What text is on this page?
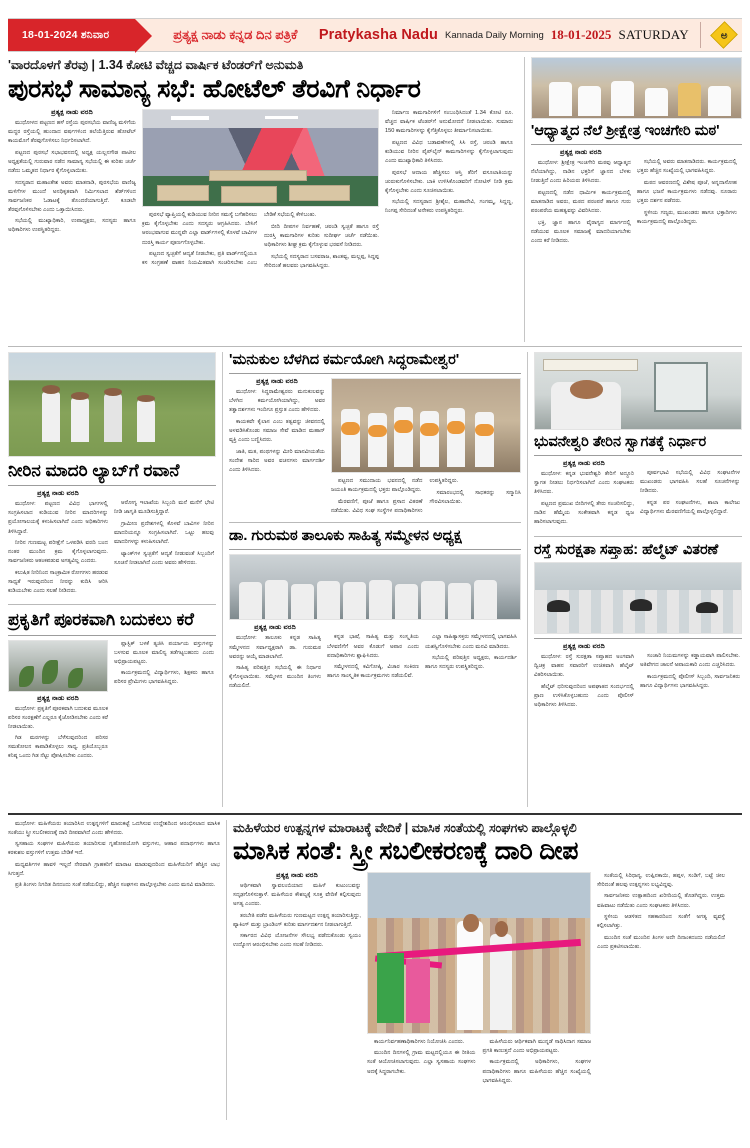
18-01-2024 ಶನಿವಾರ	ಪ್ರತ್ಯಕ್ಷ ನಾಡು ಕನ್ನಡ ದಿನ ಪತ್ರಿಕೆ Pratykasha Nadu Kannada Daily Morning 18-01-2025 SATURDAY ಅ
'ವಾರದೊಳಗೆ ತೆರವು | 1.34 ಕೋಟಿ ವೆಚ್ಚದ ವಾರ್ಷಿಕ ಟೆಂಡರ್‌ಗೆ ಅನುಮತಿ
ಪುರಸಭೆ ಸಾಮಾನ್ಯ ಸಭೆ: ಹೋಟೆಲ್ ತೆರವಿಗೆ ನಿರ್ಧಾರ
ಪ್ರತ್ಯಕ್ಷ ನಾಡು ವರದಿ

ಮುಧೋಳದ ಪಟ್ಟಣದ ಹಳೆ ರಸ್ತೆಯ ಪುರಸಭೆಯ ವಾಣಿಜ್ಯ ಮಳಿಗೆಯ ಮದ್ಧರ ರಸ್ತೆಯಲ್ಲಿ ಹುಂದಾದ ವರ್ಷಗಳಿಂದ ತಲೆಯೆತ್ತಿರುವ ಹೋಟೆಲ್ ಕಾಯಮೊಗೆ ತೆರವುಗೊಳಿಸಲು ನಿರ್ಧರಿಸಲಾಗಿದೆ.

ಪಟ್ಟಣದ ಪುರಸಭೆ ಸಭಾಭವನದಲ್ಲಿ ಅಧ್ಯಕ್ಷ ಯಲ್ಲನಗೌಡ ಪಾಟೀಲ ಅಧ್ಯಕ್ಷತೆಯಲ್ಲಿ ಗುರುವಾರ ನಡೆದ ಸಾಮಾನ್ಯ ಸಭೆಯಲ್ಲಿ ಈ ಕುರಿತು ಚರ್ಚೆ ನಡೆದು ಒಮ್ಮತದ ನಿರ್ಧಾರ ಕೈಗೊಳ್ಳಲಾಯಿತು.

ಸದಸ್ಯರಾದ ಮಹಾಂತೇಶ ಅವರು ಮಾತನಾಡಿ, ಪುರಸಭೆಯ ವಾಣಿಜ್ಯ ಮಳಿಗೆಗಳ ಮುಂದೆ ಅನಧಿಕೃತವಾಗಿ ನಿರ್ಮಿಸಲಾದ ಶೆಡ್‌ಗಳಿಂದ ಸಾರ್ವಜನಿಕರ ಓಡಾಟಕ್ಕೆ ತೊಂದರೆಯಾಗುತ್ತಿದೆ. ಕೂಡಲೇ ತೆರವುಗೊಳಿಸಬೇಕು ಎಂದು ಒತ್ತಾಯಿಸಿದರು.

ಸಭೆಯಲ್ಲಿ ಮುಖ್ಯಾಧಿಕಾರಿ, ಉಪಾಧ್ಯಕ್ಷರು, ಸದಸ್ಯರು ಹಾಗೂ ಅಧಿಕಾರಿಗಳು ಉಪಸ್ಥಿತರಿದ್ದರು.

ಪುರಸಭೆ ವ್ಯಾಪ್ತಿಯಲ್ಲಿ ಕುಡಿಯುವ ನೀರಿನ ಸಮಸ್ಯೆ ಬಗೆಹರಿಸಲು ಕ್ರಮ ಕೈಗೊಳ್ಳಬೇಕು ಎಂದು ಸದಸ್ಯರು ಆಗ್ರಹಿಸಿದರು. ಬೇಸಿಗೆ ಆರಂಭವಾಗುವ ಮುನ್ನವೇ ಎಲ್ಲಾ ವಾರ್ಡ್‌ಗಳಲ್ಲಿ ಕೊಳವೆ ಬಾವಿಗಳ ದುರಸ್ತಿ ಕಾರ್ಯ ಪೂರ್ಣಗೊಳ್ಳಬೇಕು.

ಪಟ್ಟಣದ ಸ್ವಚ್ಛತೆಗೆ ಆದ್ಯತೆ ನೀಡಬೇಕು, ಪ್ರತಿ ವಾರ್ಡ್‌ನಲ್ಲಿಯೂ ಕಸ ಸಂಗ್ರಹಣೆ ವಾಹನ ನಿಯಮಿತವಾಗಿ ಸಂಚರಿಸಬೇಕು ಎಂಬ ಬೇಡಿಕೆ ಸಭೆಯಲ್ಲಿ ಕೇಳಿಬಂತು.

ಬೀದಿ ದೀಪಗಳ ನಿರ್ವಹಣೆ, ಚರಂಡಿ ಸ್ವಚ್ಛತೆ ಹಾಗೂ ರಸ್ತೆ ದುರಸ್ತಿ ಕಾಮಗಾರಿಗಳ ಕುರಿತು ಸುದೀರ್ಘ ಚರ್ಚೆ ನಡೆಯಿತು. ಅಧಿಕಾರಿಗಳು ಶೀಘ್ರ ಕ್ರಮ ಕೈಗೊಳ್ಳುವ ಭರವಸೆ ನೀಡಿದರು.

ಸಭೆಯಲ್ಲಿ ಸದಸ್ಯರಾದ ಬಸವರಾಜ, ಶಾಂತವ್ವ, ಮಲ್ಲಪ್ಪ, ಸಿದ್ದಪ್ಪ ಸೇರಿದಂತೆ ಹಲವರು ಭಾಗವಹಿಸಿದ್ದರು.

ನಿರ್ಮಾಣ ಕಾಮಗಾರಿಗಳಿಗೆ ಸಂಬಂಧಿಸಿದಂತೆ 1.34 ಕೋಟಿ ರೂ. ವೆಚ್ಚದ ವಾರ್ಷಿಕ ಟೆಂಡರ್‌ಗೆ ಅನುಮೋದನೆ ನೀಡಲಾಯಿತು. ಸುಮಾರು 150 ಕಾಮಗಾರಿಗಳನ್ನು ಕೈಗೆತ್ತಿಕೊಳ್ಳಲು ತೀರ್ಮಾನಿಸಲಾಯಿತು.

ಪಟ್ಟಣದ ವಿವಿಧ ಬಡಾವಣೆಗಳಲ್ಲಿ ಸಿಸಿ ರಸ್ತೆ, ಚರಂಡಿ ಹಾಗೂ ಕುಡಿಯುವ ನೀರಿನ ಪೈಪ್‌ಲೈನ್ ಕಾಮಗಾರಿಗಳನ್ನು ಕೈಗೊಳ್ಳಲಾಗುವುದು ಎಂದು ಮುಖ್ಯಾಧಿಕಾರಿ ತಿಳಿಸಿದರು.

ಪುರಸಭೆ ಆದಾಯ ಹೆಚ್ಚಿಸಲು ಆಸ್ತಿ ತೆರಿಗೆ ವಸೂಲಾತಿಯನ್ನು ಚುರುಕುಗೊಳಿಸಬೇಕು. ಬಾಕಿ ಉಳಿಸಿಕೊಂಡವರಿಗೆ ನೋಟಿಸ್ ನೀಡಿ ಕ್ರಮ ಕೈಗೊಳ್ಳಬೇಕು ಎಂದು ಸೂಚಿಸಲಾಯಿತು.

ಸಭೆಯಲ್ಲಿ ಸದಸ್ಯರಾದ ಶ್ರೀಶೈಲ, ಮಹಾದೇವಿ, ಗಂಗಮ್ಮ, ಸಿದ್ದಣ್ಣ, ನಿಂಗಪ್ಪ ಸೇರಿದಂತೆ ಅನೇಕರು ಉಪಸ್ಥಿತರಿದ್ದರು.

'ಆಧ್ಯಾತ್ಮದ ನೆಲೆ ಶ್ರೀಕ್ಷೇತ್ರ ಇಂಚಗೇರಿ ಮಠ'
ಪ್ರತ್ಯಕ್ಷ ನಾಡು ವರದಿ

ಮುಧೋಳ: ಶ್ರೀಕ್ಷೇತ್ರ ಇಂಚಗೇರಿ ಮಠವು ಆಧ್ಯಾತ್ಮದ ನೆಲೆಯಾಗಿದ್ದು, ನಾಡಿನ ಭಕ್ತರಿಗೆ ಜ್ಞಾನದ ಬೆಳಕು ನೀಡುತ್ತಿದೆ ಎಂದು ಹಿರಿಯರು ತಿಳಿಸಿದರು.

ಪಟ್ಟಣದಲ್ಲಿ ನಡೆದ ಧಾರ್ಮಿಕ ಕಾರ್ಯಕ್ರಮದಲ್ಲಿ ಮಾತನಾಡಿದ ಅವರು, ಮಠದ ಪರಂಪರೆ ಹಾಗೂ ಗುರು ಪರಂಪರೆಯ ಮಹತ್ವವನ್ನು ವಿವರಿಸಿದರು.

ಭಕ್ತಿ, ಜ್ಞಾನ ಹಾಗೂ ವೈರಾಗ್ಯದ ಮಾರ್ಗದಲ್ಲಿ ನಡೆಯುವ ಮೂಲಕ ಸಮಾಜಕ್ಕೆ ಮಾದರಿಯಾಗಬೇಕು ಎಂದು ಕರೆ ನೀಡಿದರು.

ಸಭೆಯಲ್ಲಿ ಅವರು ಮಾತನಾಡಿದರು. ಕಾರ್ಯಕ್ರಮದಲ್ಲಿ ಭಕ್ತರು ಹೆಚ್ಚಿನ ಸಂಖ್ಯೆಯಲ್ಲಿ ಭಾಗವಹಿಸಿದ್ದರು.

ಮಠದ ಆವರಣದಲ್ಲಿ ವಿಶೇಷ ಪೂಜೆ, ಅನ್ನದಾಸೋಹ ಹಾಗೂ ಭಜನೆ ಕಾರ್ಯಕ್ರಮಗಳು ನಡೆದವು. ನೂರಾರು ಭಕ್ತರು ದರ್ಶನ ಪಡೆದರು.

ಸ್ಥಳೀಯ ಗಣ್ಯರು, ಮುಖಂಡರು ಹಾಗೂ ಭಕ್ತಾದಿಗಳು ಕಾರ್ಯಕ್ರಮದಲ್ಲಿ ಪಾಲ್ಗೊಂಡಿದ್ದರು.

ನೀರಿನ ಮಾದರಿ ಲ್ಯಾಬ್‌ಗೆ ರವಾನೆ
ಪ್ರತ್ಯಕ್ಷ ನಾಡು ವರದಿ

ಮುಧೋಳ: ಪಟ್ಟಣದ ವಿವಿಧ ಭಾಗಗಳಲ್ಲಿ ಸಂಗ್ರಹಿಸಲಾದ ಕುಡಿಯುವ ನೀರಿನ ಮಾದರಿಗಳನ್ನು ಪ್ರಯೋಗಾಲಯಕ್ಕೆ ಕಳುಹಿಸಲಾಗಿದೆ ಎಂದು ಅಧಿಕಾರಿಗಳು ತಿಳಿಸಿದ್ದಾರೆ.

ನೀರಿನ ಗುಣಮಟ್ಟ ಪರೀಕ್ಷೆಗೆ ಒಳಪಡಿಸಿ ವರದಿ ಬಂದ ನಂತರ ಮುಂದಿನ ಕ್ರಮ ಕೈಗೊಳ್ಳಲಾಗುವುದು. ಸಾರ್ವಜನಿಕರು ಆತಂಕಪಡುವ ಅಗತ್ಯವಿಲ್ಲ ಎಂದರು.

ಕಲುಷಿತ ನೀರಿನಿಂದ ಸಾಂಕ್ರಾಮಿಕ ರೋಗಗಳು ಹರಡುವ ಸಾಧ್ಯತೆ ಇರುವುದರಿಂದ ನೀರನ್ನು ಕುದಿಸಿ ಆರಿಸಿ ಕುಡಿಯಬೇಕು ಎಂದು ಸಲಹೆ ನೀಡಿದರು.

ಆರೋಗ್ಯ ಇಲಾಖೆಯ ಸಿಬ್ಬಂದಿ ಮನೆ ಮನೆಗೆ ಭೇಟಿ ನೀಡಿ ಜಾಗೃತಿ ಮೂಡಿಸುತ್ತಿದ್ದಾರೆ.

ಗ್ರಾಮೀಣ ಪ್ರದೇಶಗಳಲ್ಲಿ ಕೊಳವೆ ಬಾವಿಗಳ ನೀರಿನ ಮಾದರಿಯನ್ನೂ ಸಂಗ್ರಹಿಸಲಾಗಿದೆ. ಒಟ್ಟು ಹಲವು ಮಾದರಿಗಳನ್ನು ಕಳುಹಿಸಲಾಗಿದೆ.

ಟ್ಯಾಂಕ್‌ಗಳ ಸ್ವಚ್ಛತೆಗೆ ಆದ್ಯತೆ ನೀಡುವಂತೆ ಸಿಬ್ಬಂದಿಗೆ ಸೂಚನೆ ನೀಡಲಾಗಿದೆ ಎಂದು ಅವರು ಹೇಳಿದರು.

ಪ್ರಕೃತಿಗೆ ಪೂರಕವಾಗಿ ಬದುಕಲು ಕರೆ
ಪ್ರತ್ಯಕ್ಷ ನಾಡು ವರದಿ

ಮುಧೋಳ: ಪ್ರಕೃತಿಗೆ ಪೂರಕವಾಗಿ ಬದುಕುವ ಮೂಲಕ ಪರಿಸರ ಸಂರಕ್ಷಣೆಗೆ ಎಲ್ಲರೂ ಕೈಜೋಡಿಸಬೇಕು ಎಂದು ಕರೆ ನೀಡಲಾಯಿತು.

ಗಿಡ ಮರಗಳನ್ನು ಬೆಳೆಸುವುದರಿಂದ ಪರಿಸರ ಸಮತೋಲನ ಕಾಪಾಡಿಕೊಳ್ಳಲು ಸಾಧ್ಯ. ಪ್ರತಿಯೊಬ್ಬರೂ ಕನಿಷ್ಠ ಒಂದು ಗಿಡ ನೆಟ್ಟು ಪೋಷಿಸಬೇಕು ಎಂದರು.

ಪ್ಲಾಸ್ಟಿಕ್ ಬಳಕೆ ತ್ಯಜಿಸಿ ಪರ್ಯಾಯ ವಸ್ತುಗಳನ್ನು ಬಳಸುವ ಮೂಲಕ ಮಾಲಿನ್ಯ ತಡೆಗಟ್ಟಬಹುದು ಎಂದು ಅಭಿಪ್ರಾಯಪಟ್ಟರು.

ಕಾರ್ಯಕ್ರಮದಲ್ಲಿ ವಿದ್ಯಾರ್ಥಿಗಳು, ಶಿಕ್ಷಕರು ಹಾಗೂ ಪರಿಸರ ಪ್ರೇಮಿಗಳು ಭಾಗವಹಿಸಿದ್ದರು.

'ಮನುಕುಲ ಬೆಳಗಿದ ಕರ್ಮಯೋಗಿ ಸಿದ್ಧರಾಮೇಶ್ವರ'
ಪ್ರತ್ಯಕ್ಷ ನಾಡು ವರದಿ

ಮುಧೋಳ: ಸಿದ್ಧರಾಮೇಶ್ವರರು ಮನುಕುಲವನ್ನು ಬೆಳಗಿದ ಕರ್ಮಯೋಗಿಯಾಗಿದ್ದು, ಅವರ ತತ್ವಾದರ್ಶಗಳು ಇಂದಿಗೂ ಪ್ರಸ್ತುತ ಎಂದು ಹೇಳಿದರು.

ಕಾಯಕವೇ ಕೈಲಾಸ ಎಂಬ ತತ್ವವನ್ನು ಜೀವನದಲ್ಲಿ ಅಳವಡಿಸಿಕೊಂಡು ಸಮಾಜ ಸೇವೆ ಮಾಡಿದ ಮಹಾನ್ ವ್ಯಕ್ತಿ ಎಂದು ಬಣ್ಣಿಸಿದರು.

ಜಾತಿ, ಮತ, ಪಂಥಗಳನ್ನು ಮೀರಿ ಮಾನವೀಯತೆಯ ಸಂದೇಶ ಸಾರಿದ ಅವರ ವಚನಗಳು ಮಾರ್ಗದರ್ಶಿ ಎಂದು ತಿಳಿಸಿದರು.

ಪಟ್ಟಣದ ಸಮುದಾಯ ಭವನದಲ್ಲಿ ನಡೆದ ಜಯಂತಿ ಕಾರ್ಯಕ್ರಮದಲ್ಲಿ ಭಕ್ತರು ಪಾಲ್ಗೊಂಡಿದ್ದರು.

ಮೆರವಣಿಗೆ, ಪೂಜೆ ಹಾಗೂ ಪ್ರಸಾದ ವಿತರಣೆ ನಡೆಯಿತು. ವಿವಿಧ ಸಂಘ ಸಂಸ್ಥೆಗಳ ಪದಾಧಿಕಾರಿಗಳು ಉಪಸ್ಥಿತರಿದ್ದರು.

ಸಮಾರಂಭದಲ್ಲಿ ಸಾಧಕರನ್ನು ಸನ್ಮಾನಿಸಿ ಗೌರವಿಸಲಾಯಿತು.

ಡಾ. ಗುರುಮಠ ತಾಲೂಕು ಸಾಹಿತ್ಯ ಸಮ್ಮೇಳನ ಅಧ್ಯಕ್ಷ
ಪ್ರತ್ಯಕ್ಷ ನಾಡು ವರದಿ

ಮುಧೋಳ: ತಾಲೂಕು ಕನ್ನಡ ಸಾಹಿತ್ಯ ಸಮ್ಮೇಳನದ ಸರ್ವಾಧ್ಯಕ್ಷರಾಗಿ ಡಾ. ಗುರುಮಠ ಅವರನ್ನು ಆಯ್ಕೆ ಮಾಡಲಾಗಿದೆ.

ಸಾಹಿತ್ಯ ಪರಿಷತ್ತಿನ ಸಭೆಯಲ್ಲಿ ಈ ನಿರ್ಧಾರ ಕೈಗೊಳ್ಳಲಾಯಿತು. ಸಮ್ಮೇಳನ ಮುಂದಿನ ತಿಂಗಳು ನಡೆಯಲಿದೆ.

ಕನ್ನಡ ಭಾಷೆ, ಸಾಹಿತ್ಯ ಮತ್ತು ಸಂಸ್ಕೃತಿಯ ಬೆಳವಣಿಗೆಗೆ ಅವರ ಕೊಡುಗೆ ಅಪಾರ ಎಂದು ಪದಾಧಿಕಾರಿಗಳು ಶ್ಲಾಘಿಸಿದರು.

ಸಮ್ಮೇಳನದಲ್ಲಿ ಕವಿಗೋಷ್ಠಿ, ವಿಚಾರ ಸಂಕಿರಣ ಹಾಗೂ ಸಾಂಸ್ಕೃತಿಕ ಕಾರ್ಯಕ್ರಮಗಳು ನಡೆಯಲಿವೆ.

ಎಲ್ಲಾ ಸಾಹಿತ್ಯಾಸಕ್ತರು ಸಮ್ಮೇಳನದಲ್ಲಿ ಭಾಗವಹಿಸಿ ಯಶಸ್ವಿಗೊಳಿಸಬೇಕು ಎಂದು ಮನವಿ ಮಾಡಿದರು.

ಸಭೆಯಲ್ಲಿ ಪರಿಷತ್ತಿನ ಅಧ್ಯಕ್ಷರು, ಕಾರ್ಯದರ್ಶಿ ಹಾಗೂ ಸದಸ್ಯರು ಉಪಸ್ಥಿತರಿದ್ದರು.

ಭುವನೇಶ್ವರಿ ತೇರಿನ ಸ್ವಾಗತಕ್ಕೆ ನಿರ್ಧಾರ
ಪ್ರತ್ಯಕ್ಷ ನಾಡು ವರದಿ

ಮುಧೋಳ: ಕನ್ನಡ ಭುವನೇಶ್ವರಿ ತೇರಿಗೆ ಅದ್ಧೂರಿ ಸ್ವಾಗತ ನೀಡಲು ನಿರ್ಧರಿಸಲಾಗಿದೆ ಎಂದು ಸಂಘಟಕರು ತಿಳಿಸಿದರು.

ಪಟ್ಟಣದ ಪ್ರಮುಖ ಬೀದಿಗಳಲ್ಲಿ ತೇರು ಸಂಚರಿಸಲಿದ್ದು, ನಾಡಿನ ಹೆಮ್ಮೆಯ ಸಂಕೇತವಾಗಿ ಕನ್ನಡ ಧ್ವಜ ಹಾರಿಸಲಾಗುವುದು.

ಪೂರ್ವಭಾವಿ ಸಭೆಯಲ್ಲಿ ವಿವಿಧ ಸಂಘಟನೆಗಳ ಮುಖಂಡರು ಭಾಗವಹಿಸಿ ಸಲಹೆ ಸೂಚನೆಗಳನ್ನು ನೀಡಿದರು.

ಕನ್ನಡ ಪರ ಸಂಘಟನೆಗಳು, ಶಾಲಾ ಕಾಲೇಜು ವಿದ್ಯಾರ್ಥಿಗಳು ಮೆರವಣಿಗೆಯಲ್ಲಿ ಪಾಲ್ಗೊಳ್ಳಲಿದ್ದಾರೆ.

ರಸ್ತೆ ಸುರಕ್ಷತಾ ಸಪ್ತಾಹ: ಹೆಲ್ಮೆಟ್ ವಿತರಣೆ
ಪ್ರತ್ಯಕ್ಷ ನಾಡು ವರದಿ

ಮುಧೋಳ: ರಸ್ತೆ ಸುರಕ್ಷತಾ ಸಪ್ತಾಹದ ಅಂಗವಾಗಿ ದ್ವಿಚಕ್ರ ವಾಹನ ಸವಾರರಿಗೆ ಉಚಿತವಾಗಿ ಹೆಲ್ಮೆಟ್ ವಿತರಿಸಲಾಯಿತು.

ಹೆಲ್ಮೆಟ್ ಧರಿಸುವುದರಿಂದ ಅಪಘಾತದ ಸಂದರ್ಭದಲ್ಲಿ ಪ್ರಾಣ ಉಳಿಸಿಕೊಳ್ಳಬಹುದು ಎಂದು ಪೊಲೀಸ್ ಅಧಿಕಾರಿಗಳು ತಿಳಿಸಿದರು.

ಸಂಚಾರಿ ನಿಯಮಗಳನ್ನು ಕಡ್ಡಾಯವಾಗಿ ಪಾಲಿಸಬೇಕು. ಅತಿವೇಗದ ಚಾಲನೆ ಅಪಾಯಕಾರಿ ಎಂದು ಎಚ್ಚರಿಸಿದರು.

ಕಾರ್ಯಕ್ರಮದಲ್ಲಿ ಪೊಲೀಸ್ ಸಿಬ್ಬಂದಿ, ಸಾರ್ವಜನಿಕರು ಹಾಗೂ ವಿದ್ಯಾರ್ಥಿಗಳು ಭಾಗವಹಿಸಿದ್ದರು.

ಮುಧೋಳ: ಮಹಿಳೆಯರು ತಯಾರಿಸಿದ ಉತ್ಪನ್ನಗಳಿಗೆ ಮಾರುಕಟ್ಟೆ ಒದಗಿಸುವ ಉದ್ದೇಶದಿಂದ ಆರಂಭಿಸಲಾದ ಮಾಸಿಕ ಸಂತೆಯು ಸ್ತ್ರೀ ಸಬಲೀಕರಣಕ್ಕೆ ದಾರಿ ದೀಪವಾಗಿದೆ ಎಂದು ಹೇಳಿದರು.

ಸ್ವಸಹಾಯ ಸಂಘಗಳ ಮಹಿಳೆಯರು ತಯಾರಿಸುವ ಗೃಹೋಪಯೋಗಿ ವಸ್ತುಗಳು, ಆಹಾರ ಪದಾರ್ಥಗಳು ಹಾಗೂ ಕರಕುಶಲ ವಸ್ತುಗಳಿಗೆ ಉತ್ತಮ ಬೇಡಿಕೆ ಇದೆ.

ಮಧ್ಯವರ್ತಿಗಳ ಹಾವಳಿ ಇಲ್ಲದೆ ನೇರವಾಗಿ ಗ್ರಾಹಕರಿಗೆ ಮಾರಾಟ ಮಾಡುವುದರಿಂದ ಮಹಿಳೆಯರಿಗೆ ಹೆಚ್ಚಿನ ಲಾಭ ಸಿಗುತ್ತದೆ.

ಪ್ರತಿ ತಿಂಗಳು ನಿಗದಿತ ದಿನದಂದು ಸಂತೆ ನಡೆಯಲಿದ್ದು, ಹೆಚ್ಚಿನ ಸಂಘಗಳು ಪಾಲ್ಗೊಳ್ಳಬೇಕು ಎಂದು ಮನವಿ ಮಾಡಿದರು.

ಮಹಿಳೆಯರ ಉತ್ಪನ್ನಗಳ ಮಾರಾಟಕ್ಕೆ ವೇದಿಕೆ | ಮಾಸಿಕ ಸಂತೆಯಲ್ಲಿ ಸಂಘಗಳು ಪಾಲ್ಗೊಳ್ಳಲಿ
ಮಾಸಿಕ ಸಂತೆ: ಸ್ತ್ರೀ ಸಬಲೀಕರಣಕ್ಕೆ ದಾರಿ ದೀಪ
ಪ್ರತ್ಯಕ್ಷ ನಾಡು ವರದಿ

ಆರ್ಥಿಕವಾಗಿ ಸ್ವಾವಲಂಬಿಯಾದ ಮಹಿಳೆ ಕುಟುಂಬವನ್ನು ಸದೃಢಗೊಳಿಸುತ್ತಾಳೆ. ಮಹಿಳೆಯರ ಕೌಶಲ್ಯಕ್ಕೆ ಸೂಕ್ತ ವೇದಿಕೆ ಕಲ್ಪಿಸುವುದು ಅಗತ್ಯ ಎಂದರು.

ತರಬೇತಿ ಪಡೆದ ಮಹಿಳೆಯರು ಗುಣಮಟ್ಟದ ಉತ್ಪನ್ನ ತಯಾರಿಸುತ್ತಿದ್ದು, ಪ್ಯಾಕಿಂಗ್ ಮತ್ತು ಬ್ರಾಂಡಿಂಗ್ ಕುರಿತು ಮಾರ್ಗದರ್ಶನ ನೀಡಲಾಗುತ್ತಿದೆ.

ಸರ್ಕಾರದ ವಿವಿಧ ಯೋಜನೆಗಳ ಸೌಲಭ್ಯ ಪಡೆದುಕೊಂಡು ಸ್ವಯಂ ಉದ್ಯೋಗ ಆರಂಭಿಸಬೇಕು ಎಂದು ಸಲಹೆ ನೀಡಿದರು.

ಕಾರ್ಯನಿರ್ವಹಣಾಧಿಕಾರಿಗಳು ನಿಯೋಜಿಸಿ ಎಂದರು.

ಮುಂದಿನ ದಿನಗಳಲ್ಲಿ ಗ್ರಾಮ ಮಟ್ಟದಲ್ಲಿಯೂ ಈ ರೀತಿಯ ಸಂತೆ ಆಯೋಜಿಸಲಾಗುವುದು. ಎಲ್ಲಾ ಸ್ವಸಹಾಯ ಸಂಘಗಳು ಅದಕ್ಕೆ ಸಿದ್ಧರಾಗಬೇಕು.

ಮಹಿಳೆಯರು ಆರ್ಥಿಕವಾಗಿ ಮುನ್ನಡೆ ಸಾಧಿಸಿದಾಗ ಸಮಾಜ ಪ್ರಗತಿ ಕಾಣುತ್ತದೆ ಎಂದು ಅಭಿಪ್ರಾಯಪಟ್ಟರು.

ಕಾರ್ಯಕ್ರಮದಲ್ಲಿ ಅಧಿಕಾರಿಗಳು, ಸಂಘಗಳ ಪದಾಧಿಕಾರಿಗಳು ಹಾಗೂ ಮಹಿಳೆಯರು ಹೆಚ್ಚಿನ ಸಂಖ್ಯೆಯಲ್ಲಿ ಭಾಗವಹಿಸಿದ್ದರು.

ಸಂತೆಯಲ್ಲಿ ಸಿರಿಧಾನ್ಯ, ಉಪ್ಪಿನಕಾಯಿ, ಹಪ್ಪಳ, ಸಂಡಿಗೆ, ಬಟ್ಟೆ ಚೀಲ ಸೇರಿದಂತೆ ಹಲವು ಉತ್ಪನ್ನಗಳು ಲಭ್ಯವಿದ್ದವು.

ಸಾರ್ವಜನಿಕರು ಉತ್ಸಾಹದಿಂದ ಖರೀದಿಯಲ್ಲಿ ತೊಡಗಿದ್ದರು. ಉತ್ತಮ ವಹಿವಾಟು ನಡೆಯಿತು ಎಂದು ಸಂಘಟಕರು ತಿಳಿಸಿದರು.

ಸ್ಥಳೀಯ ಆಡಳಿತದ ಸಹಕಾರದಿಂದ ಸಂತೆಗೆ ಅಗತ್ಯ ವ್ಯವಸ್ಥೆ ಕಲ್ಪಿಸಲಾಗಿತ್ತು.

ಮುಂದಿನ ಸಂತೆ ಮುಂದಿನ ತಿಂಗಳ ಅದೇ ದಿನಾಂಕದಂದು ನಡೆಯಲಿದೆ ಎಂದು ಪ್ರಕಟಿಸಲಾಯಿತು.
